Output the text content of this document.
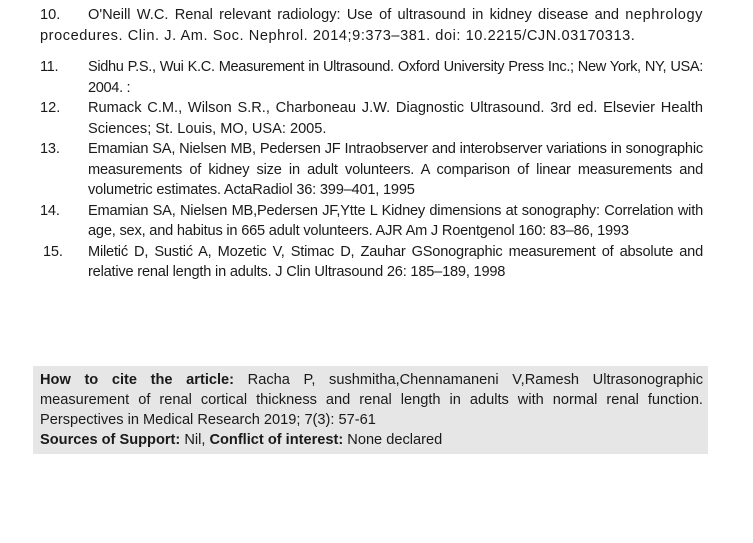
10. O'Neill W.C. Renal relevant radiology: Use of ultrasound in kidney disease and nephrology procedures. Clin. J. Am. Soc. Nephrol. 2014;9:373–381. doi: 10.2215/CJN.03170313.
11.	Sidhu P.S., Wui K.C. Measurement in Ultrasound. Oxford University Press Inc.; New York, NY, USA: 2004. :
12.	Rumack C.M., Wilson S.R., Charboneau J.W. Diagnostic Ultrasound. 3rd ed. Elsevier Health Sciences; St. Louis, MO, USA: 2005.
13.	Emamian SA, Nielsen MB, Pedersen JF Intraobserver and interobserver variations in sonographic measurements of kidney size in adult volunteers. A comparison of linear measurements and volumetric estimates. ActaRadiol 36: 399–401, 1995
14.	Emamian SA, Nielsen MB,Pedersen JF,Ytte L Kidney dimensions at sonography: Correlation with age, sex, and habitus in 665 adult volunteers. AJR Am J Roentgenol 160: 83–86, 1993
15.	Miletić D, Sustić A, Mozetic V, Stimac D, Zauhar GSonographic measurement of absolute and relative renal length in adults. J Clin Ultrasound 26: 185–189, 1998
How to cite the article: Racha P, sushmitha,Chennamaneni V,Ramesh Ultrasonographic measurement of renal cortical thickness and renal length in adults with normal renal function. Perspectives in Medical Research 2019; 7(3): 57-61
Sources of Support: Nil, Conflict of interest: None declared
